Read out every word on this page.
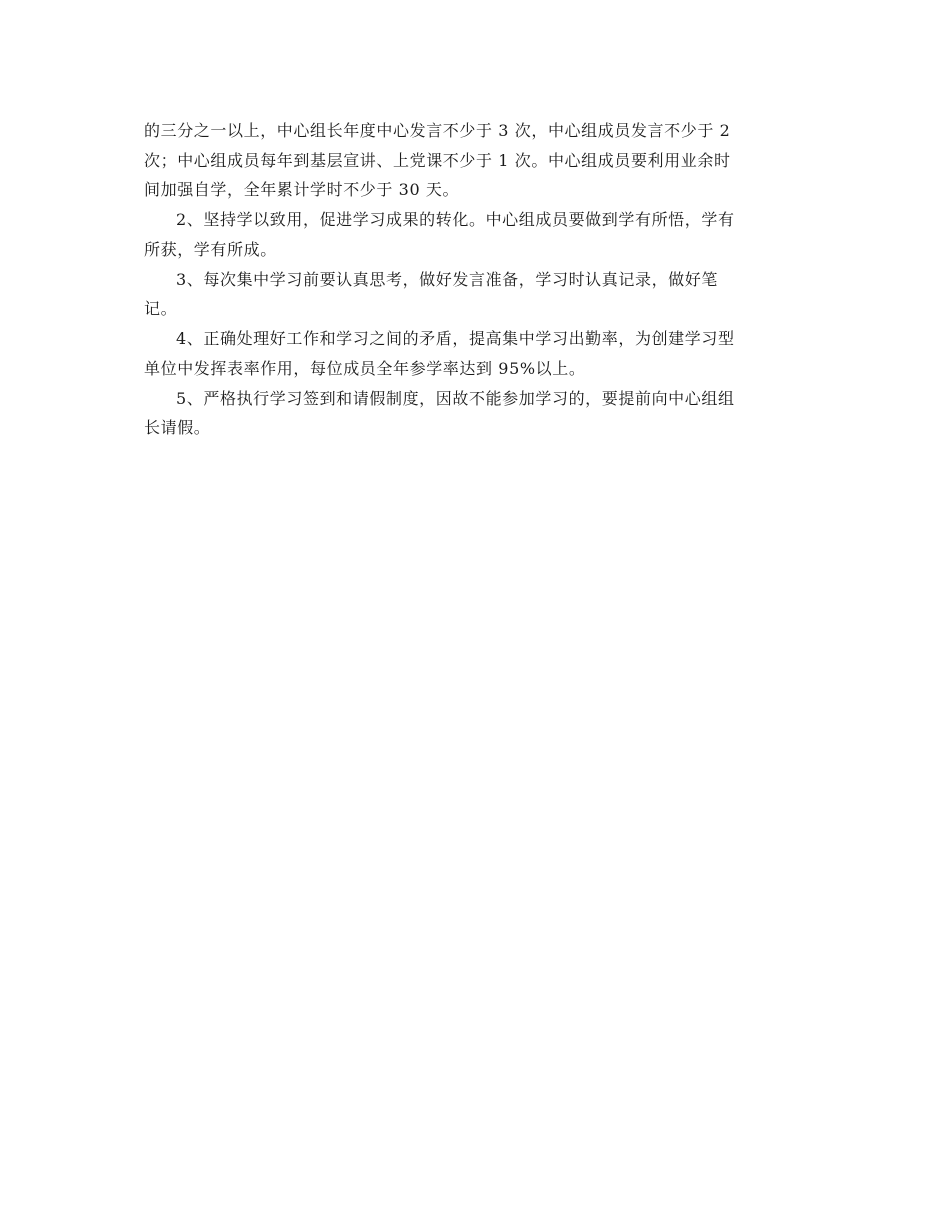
的三分之一以上，中心组长年度中心发言不少于 3 次，中心组成员发言不少于 2
次；中心组成员每年到基层宣讲、上党课不少于 1 次。中心组成员要利用业余时
间加强自学，全年累计学时不少于 30 天。
2、坚持学以致用，促进学习成果的转化。中心组成员要做到学有所悟，学有
所获，学有所成。
3、每次集中学习前要认真思考，做好发言准备，学习时认真记录，做好笔
记。
4、正确处理好工作和学习之间的矛盾，提高集中学习出勤率，为创建学习型
单位中发挥表率作用，每位成员全年参学率达到 95%以上。
5、严格执行学习签到和请假制度，因故不能参加学习的，要提前向中心组组
长请假。
